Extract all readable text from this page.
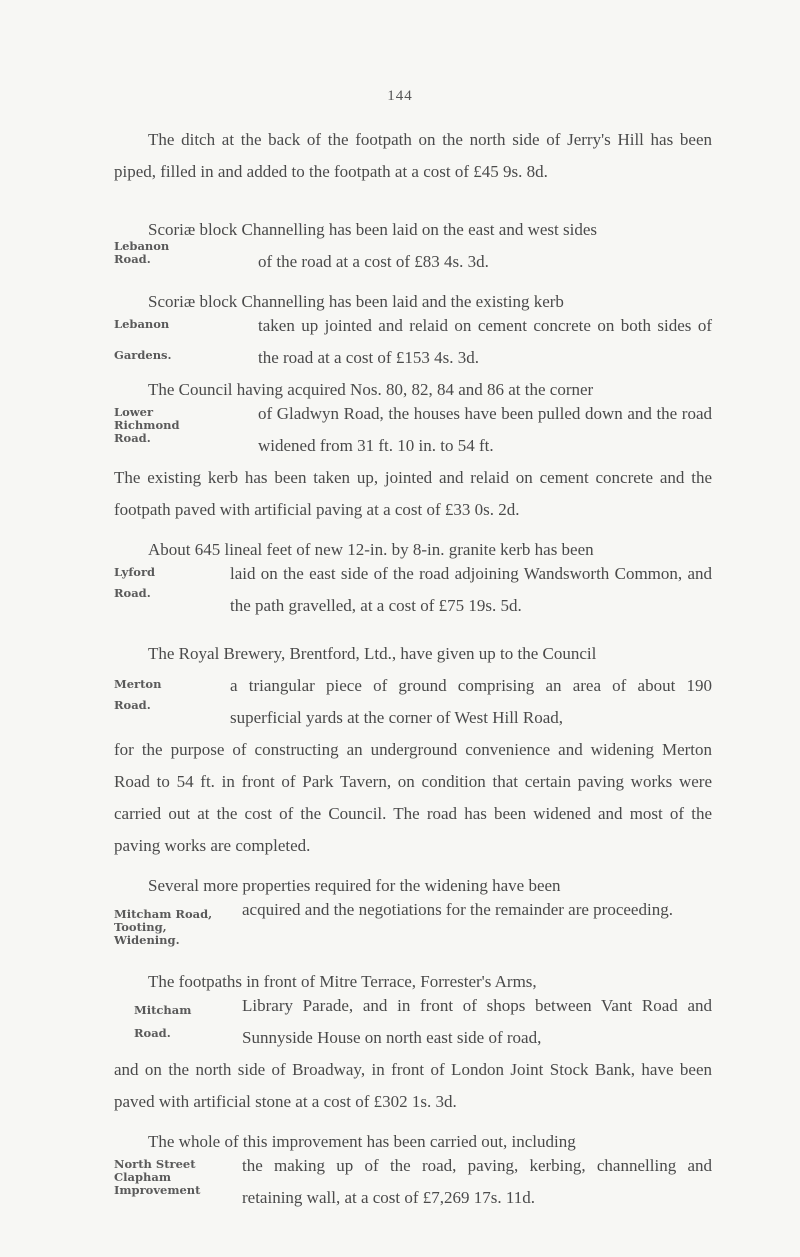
144
The ditch at the back of the footpath on the north side of Jerry's Hill has been piped, filled in and added to the footpath at a cost of £45 9s. 8d.
Scoriæ block Channelling has been laid on the east and west sides
Lebanon
Road.	of the road at a cost of £83 4s. 3d.
Scoriæ block Channelling has been laid and the existing kerb
Lebanon
Gardens.
taken up jointed and relaid on cement concrete on both sides of the road at a cost of £153 4s. 3d.
The Council having acquired Nos. 80, 82, 84 and 86 at the corner
Lower
Richmond
Road.
of Gladwyn Road, the houses have been pulled down and the road widened from 31 ft. 10 in. to 54 ft.
The existing kerb has been taken up, jointed and relaid on cement concrete and the footpath paved with artificial paving at a cost of £33 0s. 2d.
About 645 lineal feet of new 12-in. by 8-in. granite kerb has been
Lyford
Road.
laid on the east side of the road adjoining Wandsworth Common, and the path gravelled, at a cost of £75 19s. 5d.
The Royal Brewery, Brentford, Ltd., have given up to the Council
Merton
Road.
a triangular piece of ground comprising an area of about 190 superficial yards at the corner of West Hill Road,
for the purpose of constructing an underground convenience and widening Merton Road to 54 ft. in front of Park Tavern, on condition that certain paving works were carried out at the cost of the Council. The road has been widened and most of the paving works are completed.
Several more properties required for the widening have been
Mitcham Road,
Tooting,
Widening.
acquired and the negotiations for the remainder are proceeding.
The footpaths in front of Mitre Terrace, Forrester's Arms,
Mitcham
Road.
Library Parade, and in front of shops between Vant Road and Sunnyside House on north east side of road,
and on the north side of Broadway, in front of London Joint Stock Bank, have been paved with artificial stone at a cost of £302 1s. 3d.
The whole of this improvement has been carried out, including
North Street
Clapham
Improvement
the making up of the road, paving, kerbing, channelling and retaining wall, at a cost of £7,269 17s. 11d.
